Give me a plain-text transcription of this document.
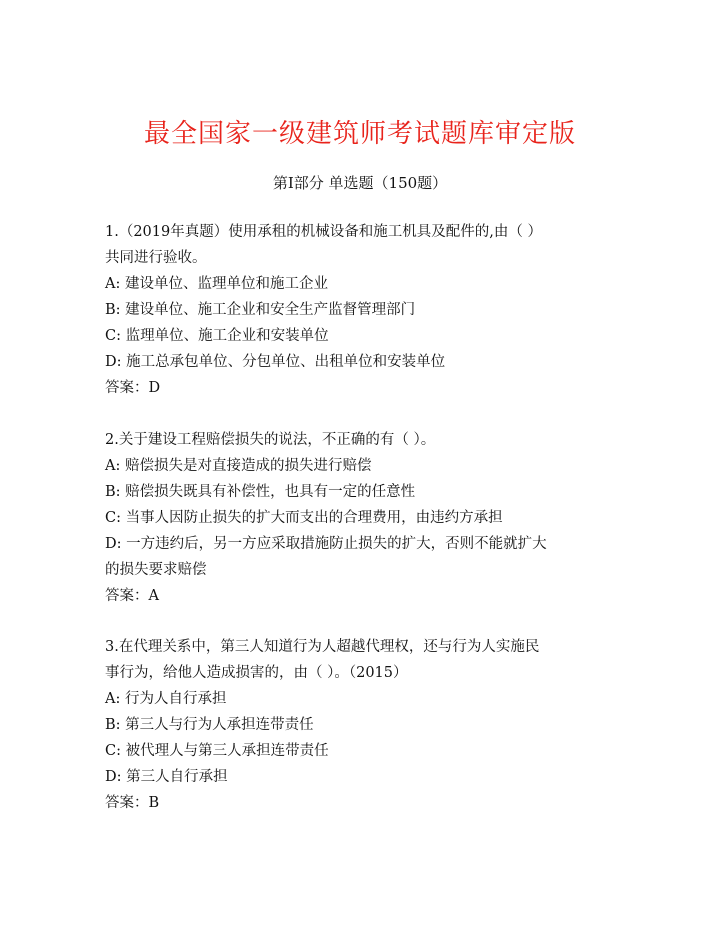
最全国家一级建筑师考试题库审定版
第I部分 单选题（150题）
1.（2019年真题）使用承租的机械设备和施工机具及配件的,由（ ）
共同进行验收。
A: 建设单位、监理单位和施工企业
B: 建设单位、施工企业和安全生产监督管理部门
C: 监理单位、施工企业和安装单位
D: 施工总承包单位、分包单位、出租单位和安装单位
答案：D
2.关于建设工程赔偿损失的说法，不正确的有（ ）。
A: 赔偿损失是对直接造成的损失进行赔偿
B: 赔偿损失既具有补偿性，也具有一定的任意性
C: 当事人因防止损失的扩大而支出的合理费用，由违约方承担
D: 一方违约后，另一方应采取措施防止损失的扩大，否则不能就扩大
的损失要求赔偿
答案：A
3.在代理关系中，第三人知道行为人超越代理权，还与行为人实施民
事行为，给他人造成损害的，由（ ）。（2015）
A: 行为人自行承担
B: 第三人与行为人承担连带责任
C: 被代理人与第三人承担连带责任
D: 第三人自行承担
答案：B
